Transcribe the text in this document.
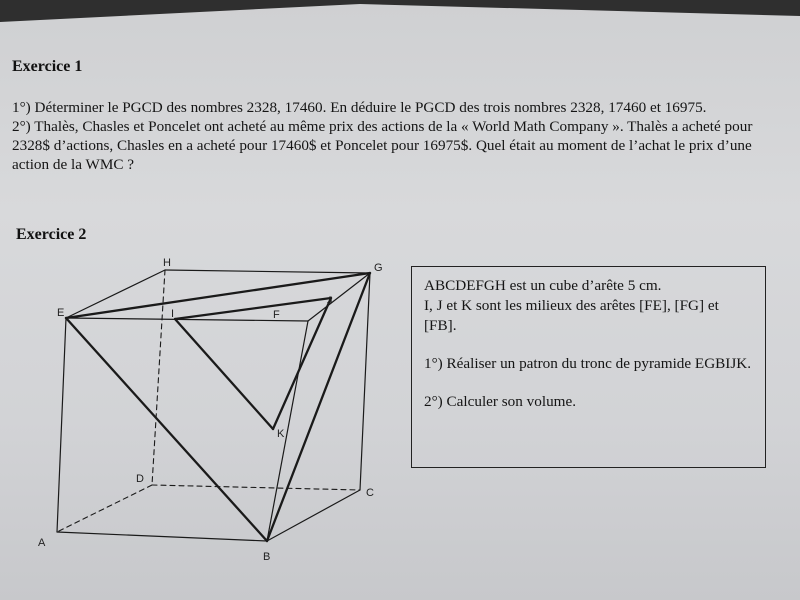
Exercice 1

1°) Déterminer le PGCD des nombres 2328, 17460. En déduire le PGCD des trois nombres 2328, 17460 et 16975.

2°) Thalès, Chasles et Poncelet ont acheté au même prix des actions de la « World Math Company ». Thalès a acheté pour 2328$ d’actions, Chasles en a acheté pour 17460$ et Poncelet pour 16975$. Quel était au moment de l’achat le prix d’une action de la WMC ?

Exercice 2
A
B
C
D
E	F
G
H
I
J
K

ABCDEFGH est un cube d’arête 5 cm.

I, J et K sont les milieux des arêtes [FE], [FG] et [FB].

1°) Réaliser un patron du tronc de pyramide EGBIJK.

2°) Calculer son volume.
